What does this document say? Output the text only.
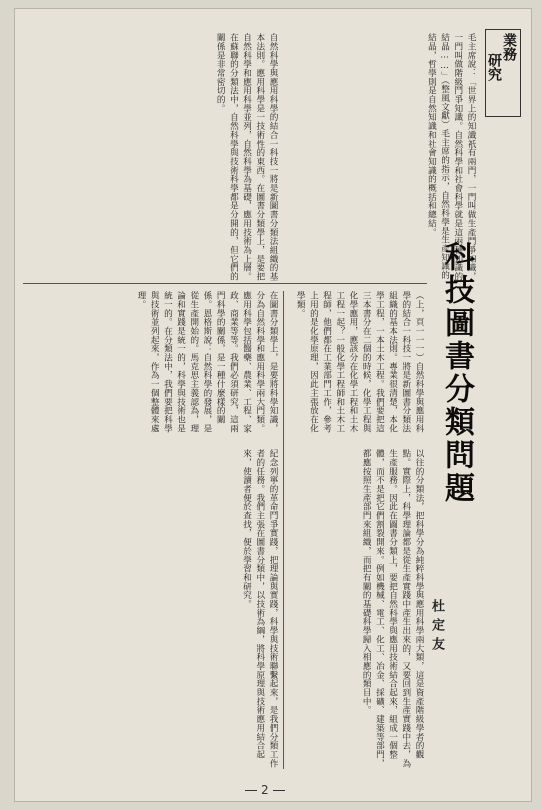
業務
研究
毛主席說：「世界上的知識祇有兩門，一門叫做生產鬥爭知識，一門叫做階級鬥爭知識。自然科學和社會科學就是這兩種知識的結晶……」（整風文獻）毛主席的指示，自然科學是生產知識的結晶，哲學則是自然知識和社會知識的概括和總結。
自然科學與應用科學的結合一科技一將是新圖書分類法組織的基本法則。應用科學是一技術性的東西。在圖書分類學上，是要把自然科學和應用科學並列，自然科學為基礎，應用技術為上層。在蘇聯的分類法中，自然科學與技術科學都是分開的，但它們的關係是非常密切的。
科技圖書分類問題
杜定友
（上，頁一一一）自然科學與應用科學的結合一科技一將是新圖書分類法組織的基本法則。專業很清楚，本化學工程，一本土木工程。我們要把這三本書分在二個的時候，化學工程與化學應用，應該分在化學工程和土木工程一起？一般化學工程師和土木工程師，他們都在工業部門工作，參考上用的是化學原理，因此主張放在化學類。
以往的分類法，把科學分為純粹科學與應用科學兩大類，這是資產階級學者的觀點。實際上，科學理論都是從生產實踐中產生出來的，又要回到生產實踐中去，為生產服務。因此在圖書分類上，要把自然科學與應用技術結合起來，組成一個整體，而不是把它們割裂開來。例如機械、電工、化工、冶金、採礦、建築等部門，都應按照生產部門來組織，而把有關的基礎科學歸入相應的類目中。
在圖書分類學上，是要將科學知識，分為自然科學和應用科學兩大門類。應用科學包括醫藥、農業、工程、家政、商業等等。我們必須研究，這兩門科學的關係，是一種什麼樣的關係。恩格斯說：自然科學的發展，是從生產開始的。馬克思主義認為，理論和實踐是統一的，科學與技術也是統一的。在分類法中，我們要把科學與技術並列起來，作為一個整體來處理。
紀念列寧的革命鬥爭實踐，把理論與實踐，科學與技術聯繫起來，是我們分類工作者的任務。我們主張在圖書分類中，以技術為綱，將科學原理與技術應用結合起來，使讀者便於查找，便於學習和研究。
2
